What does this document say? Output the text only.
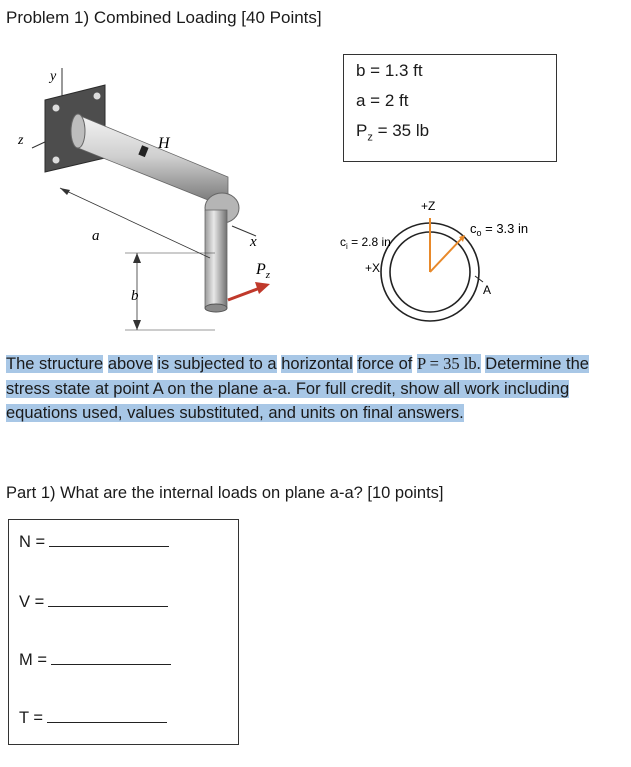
Problem 1) Combined Loading [40 Points]
b = 1.3 ft
a = 2 ft
$P_z = 35$ lb
y
z	H
a
b
x
$P_z$
+Z
+X
$c_i = 2.8$ in
$c_o = 3.3$ in
A
The structure above is subjected to a horizontal force of P = 35 lb. Determine the stress state at point A on the plane a-a. For full credit, show all work including equations used, values substituted, and units on final answers.
Part 1) What are the internal loads on plane a-a? [10 points]
N =
V =
M =
T =
